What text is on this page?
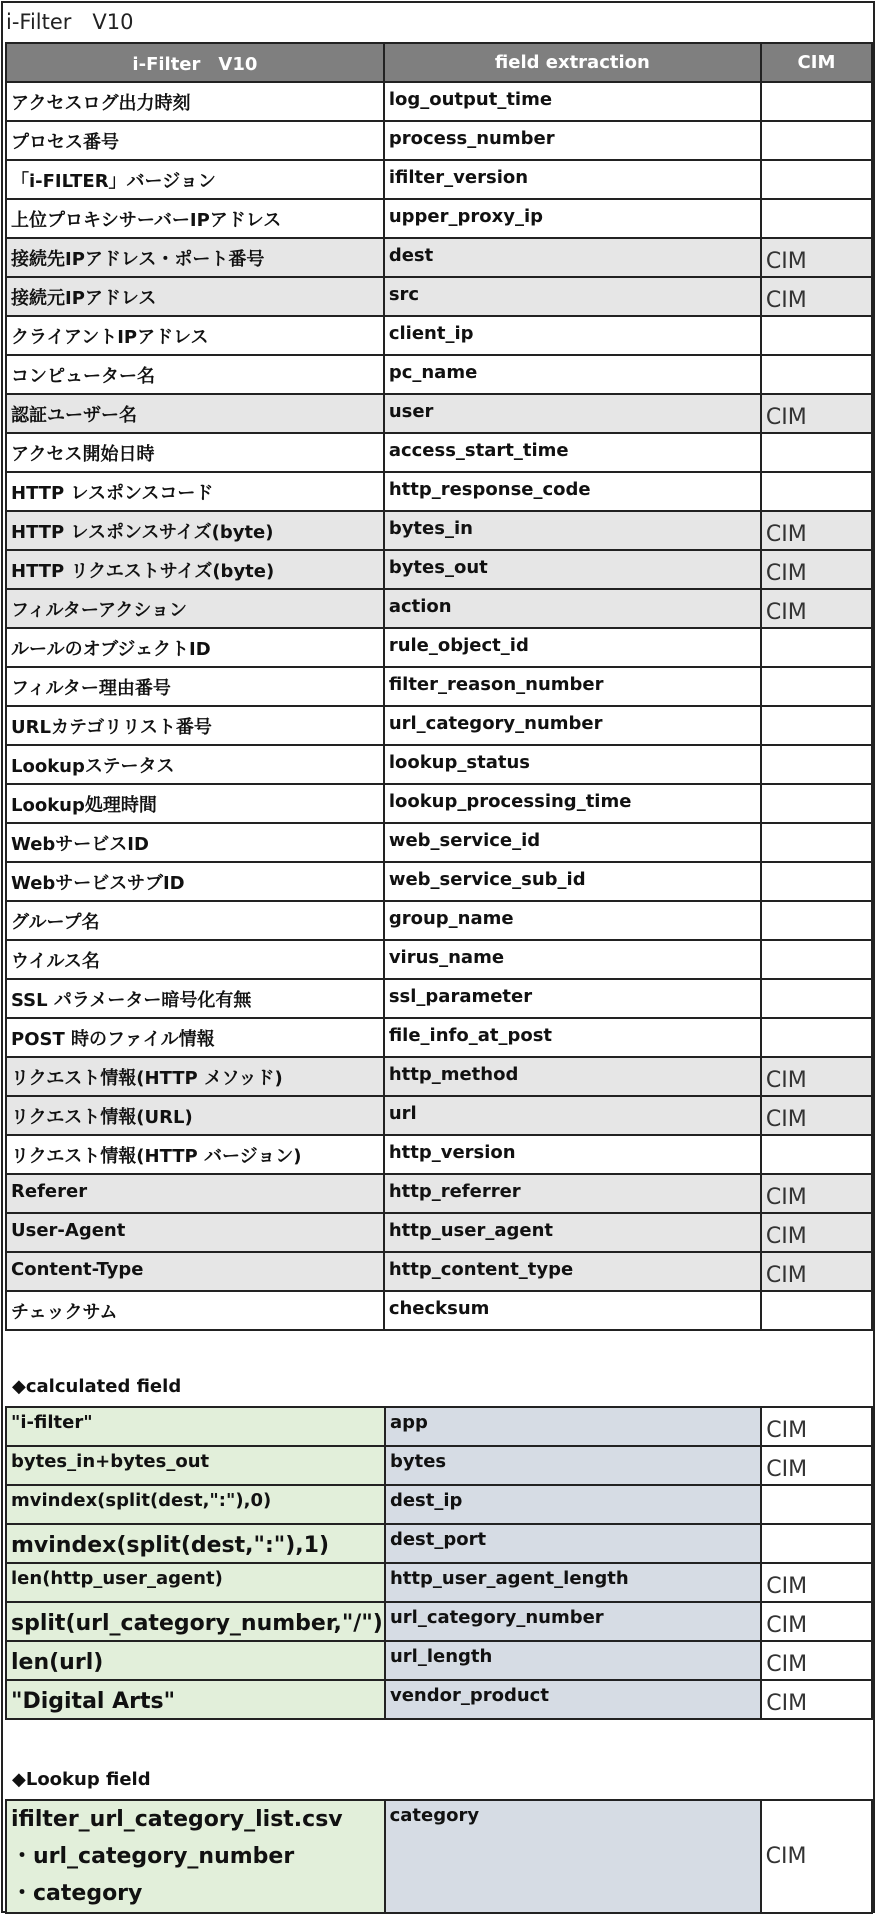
i-Filter　V10
i-Filter　V10	field extraction	CIM
アクセスログ出力時刻	log_output_time	
プロセス番号	process_number	
「i-FILTER」バージョン	ifilter_version	
上位プロキシサーバーIPアドレス	upper_proxy_ip	
接続先IPアドレス・ポート番号	dest	CIM
接続元IPアドレス	src	CIM
クライアントIPアドレス	client_ip	
コンピューター名	pc_name	
認証ユーザー名	user	CIM
アクセス開始日時	access_start_time	
HTTP レスポンスコード	http_response_code	
HTTP レスポンスサイズ(byte)	bytes_in	CIM
HTTP リクエストサイズ(byte)	bytes_out	CIM
フィルターアクション	action	CIM
ルールのオブジェクトID	rule_object_id	
フィルター理由番号	filter_reason_number	
URLカテゴリリスト番号	url_category_number	
Lookupステータス	lookup_status	
Lookup処理時間	lookup_processing_time	
WebサービスID	web_service_id	
WebサービスサブID	web_service_sub_id	
グループ名	group_name	
ウイルス名	virus_name	
SSL パラメーター暗号化有無	ssl_parameter	
POST 時のファイル情報	file_info_at_post	
リクエスト情報(HTTP メソッド)	http_method	CIM
リクエスト情報(URL)	url	CIM
リクエスト情報(HTTP バージョン)	http_version	
Referer	http_referrer	CIM
User-Agent	http_user_agent	CIM
Content-Type	http_content_type	CIM
チェックサム	checksum	
◆calculated field
"i-filter"	app	CIM
bytes_in+bytes_out	bytes	CIM
mvindex(split(dest,":"),0)	dest_ip	
mvindex(split(dest,":"),1)	dest_port	
len(http_user_agent)	http_user_agent_length	CIM
split(url_category_number,"/")	url_category_number	CIM
len(url)	url_length	CIM
"Digital Arts"	vendor_product	CIM
◆Lookup field
ifilter_url_category_list.csv
・url_category_number
・category
	category	CIM
